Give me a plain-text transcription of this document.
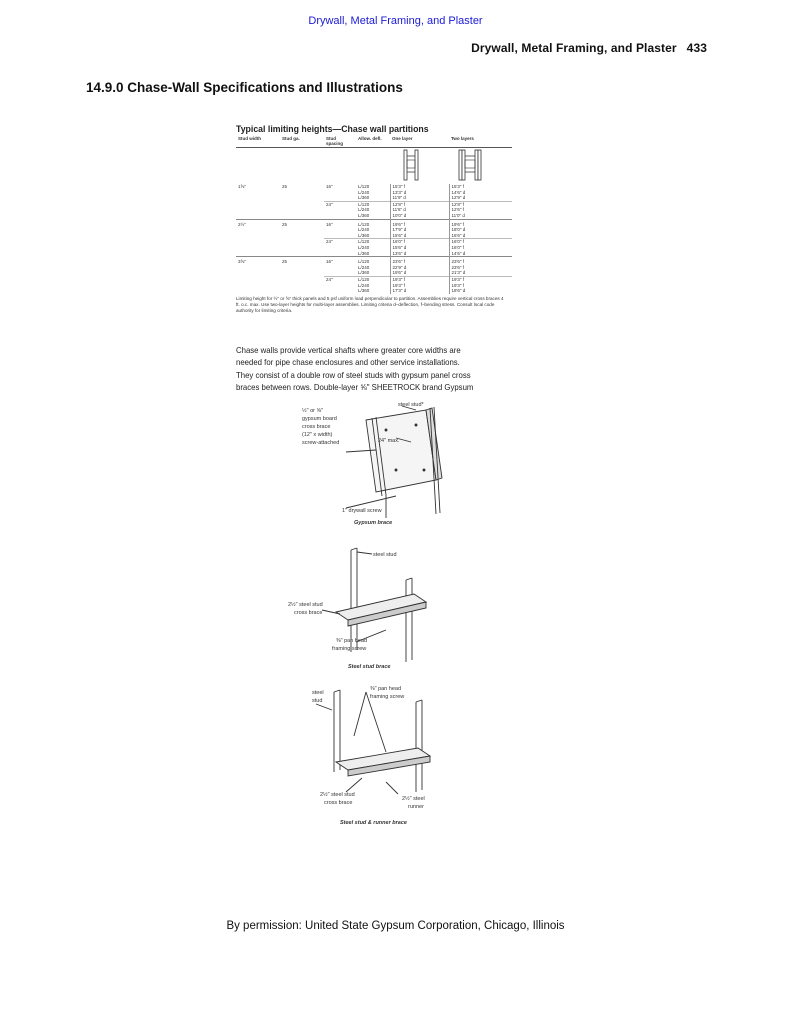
Drywall, Metal Framing, and Plaster
Drywall, Metal Framing, and Plaster 433
14.9.0 Chase-Wall Specifications and Illustrations
Typical limiting heights—Chase wall partitions
Stud width	Stud ga.	Stud spacing	Allow. defl.	One layer	Two layers

1⅝"	25	16"	L/120	15'3" f	15'3" f
			L/240	13'3" d	14'6" d
			L/360	11'9" d	12'9" d
		24"	L/120	12'8" f	12'8" f
			L/240	11'6" d	12'6" f
			L/360	10'0" d	11'0" d
2½"	25	16"	L/120	19'6" f	19'6" f
			L/240	17'9" d	18'0" d
			L/360	15'6" d	16'6" d
		24"	L/120	16'0" f	16'0" f
			L/240	15'6" d	16'0" f
			L/360	13'6" d	14'6" d
3⅝"	25	16"	L/120	23'6" f	23'6" f
			L/240	22'9" d	23'6" f
			L/360	19'6" d	21'3" d
		24"	L/120	19'3" f	19'3" f
			L/240	19'3" f	19'3" f
			L/360	17'3" d	18'6" d
Limiting height for ½" or ⅝" thick panels and 5 psf uniform load perpendicular to partition. Assemblies require vertical cross braces 4 ft. o.c. max. Use two-layer heights for multi-layer assemblies. Limiting criteria d–deflection, f–bending stress. Consult local code authority for limiting criteria.
Chase walls provide vertical shafts where greater core widths are
needed for pipe chase enclosures and other service installations.
They consist of a double row of steel studs with gypsum panel cross
braces between rows. Double-layer ⅝" SHEETROCK brand Gypsum
½" or ⅝"
gypsum board
cross brace
(12" x width)
screw-attached
steel stud*
24" max.
1" drywall screw
Gypsum brace
steel stud
2½" steel stud
cross brace
⅜" pan head
framing screw
Steel stud brace
steel
stud
⅜" pan head
framing screw
2½" steel stud
cross brace
2½" steel
runner
Steel stud & runner brace
By permission: United State Gypsum Corporation, Chicago, Illinois
